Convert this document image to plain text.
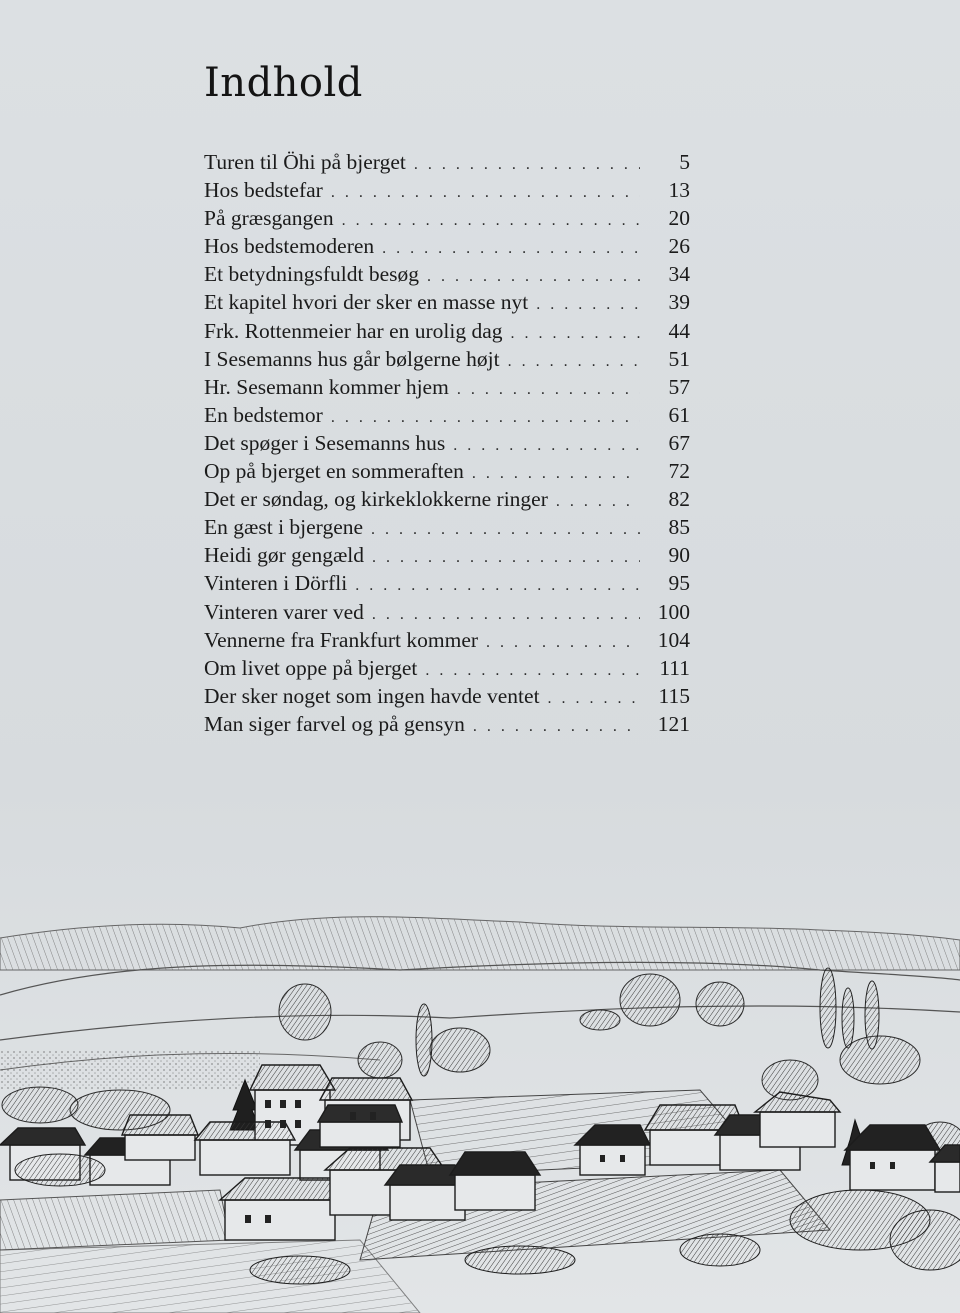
Indhold
Turen til Öhi på bjerget . . .	5
Hos bedstefar . . .	13
På græsgangen . . .	20
Hos bedstemoderen . . .	26
Et betydningsfuldt besøg . . .	34
Et kapitel hvori der sker en masse nyt . . .	39
Frk. Rottenmeier har en urolig dag . . .	44
I Sesemanns hus går bølgerne højt . . .	51
Hr. Sesemann kommer hjem . . .	57
En bedstemor . . .	61
Det spøger i Sesemanns hus . . .	67
Op på bjerget en sommeraften . . .	72
Det er søndag, og kirkeklokkerne ringer . . .	82
En gæst i bjergene . . .	85
Heidi gør gengæld . . .	90
Vinteren i Dörfli . . .	95
Vinteren varer ved . . .	100
Vennerne fra Frankfurt kommer . . .	104
Om livet oppe på bjerget . . .	111
Der sker noget som ingen havde ventet . . .	115
Man siger farvel og på gensyn . . .	121
